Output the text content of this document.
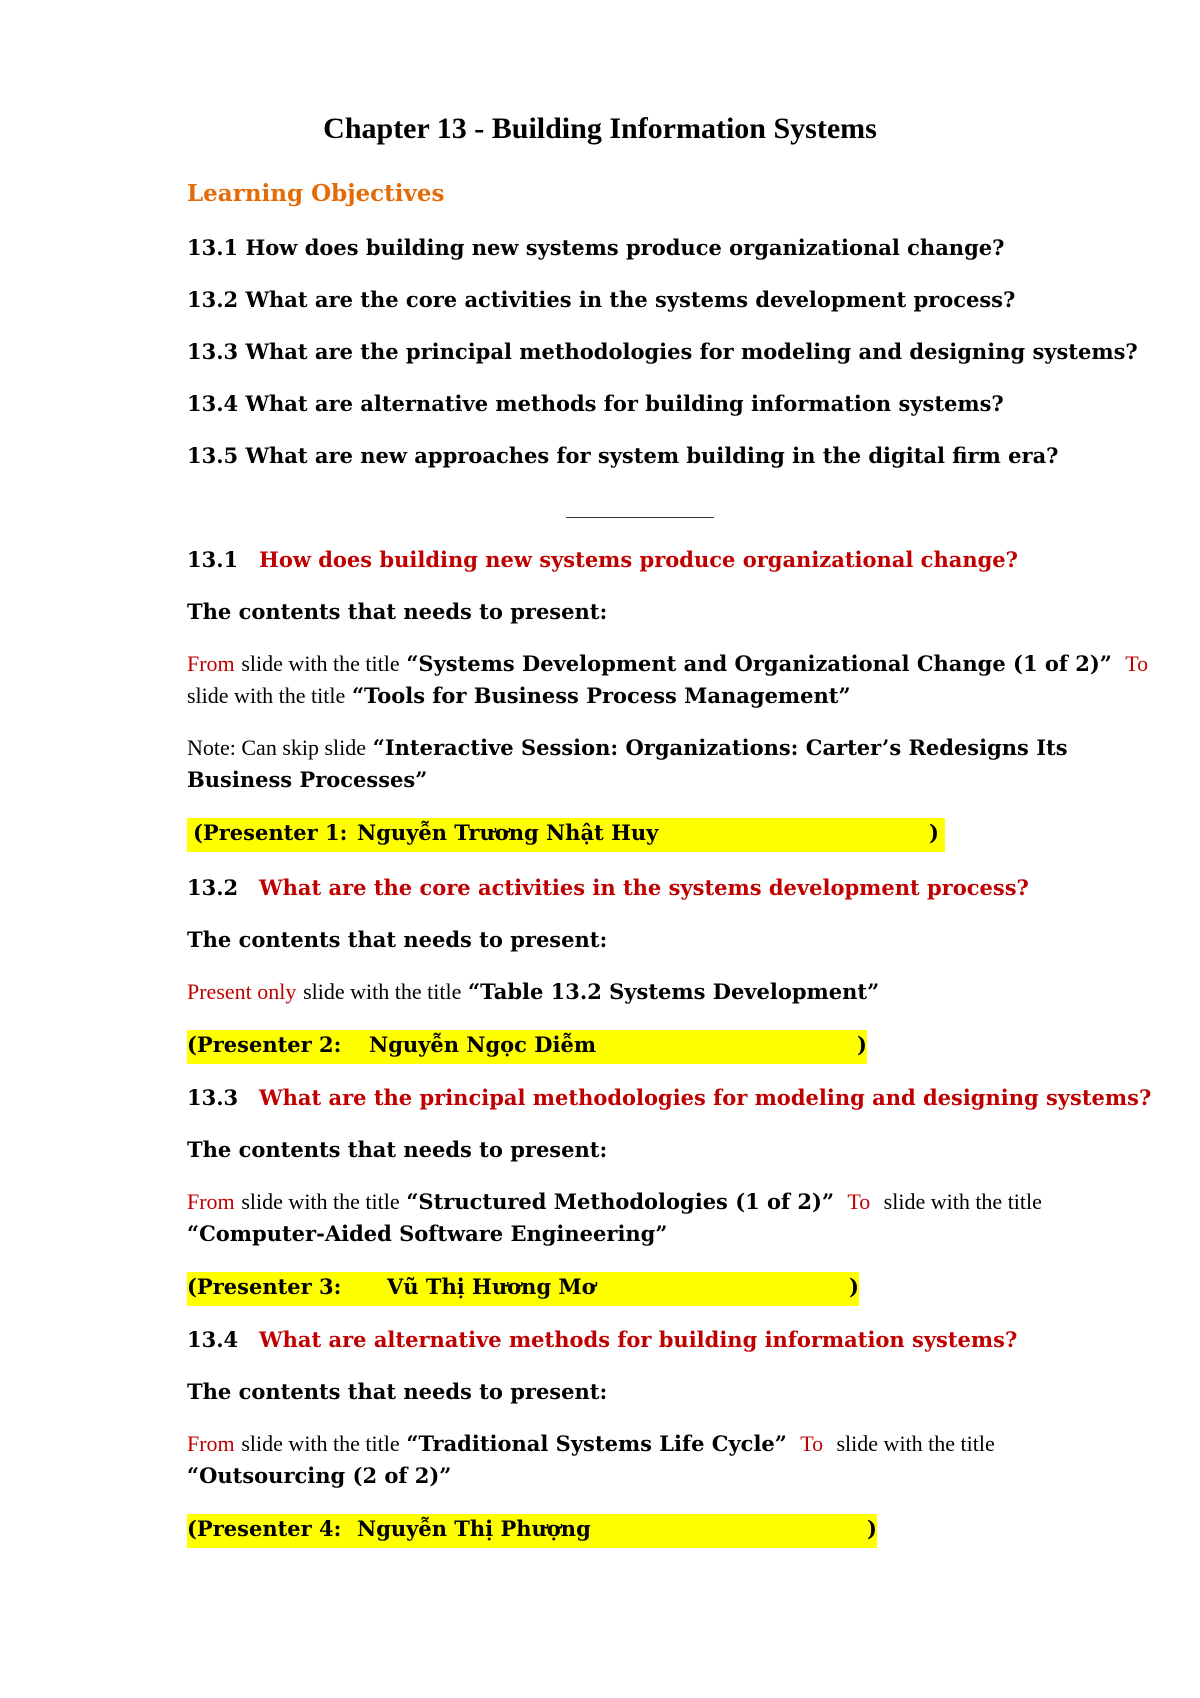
Chapter 13 - Building Information Systems
Learning Objectives
13.1 How does building new systems produce organizational change?
13.2 What are the core activities in the systems development process?
13.3 What are the principal methodologies for modeling and designing systems?
13.4 What are alternative methods for building information systems?
13.5 What are new approaches for system building in the digital firm era?
13.1 How does building new systems produce organizational change?
The contents that needs to present:
From slide with the title “Systems Development and Organizational Change (1 of 2)” To
slide with the title “Tools for Business Process Management”
Note: Can skip slide “Interactive Session: Organizations: Carter’s Redesigns Its
Business Processes”
(Presenter 1: Nguyễn Trương Nhật Huy	)
13.2 What are the core activities in the systems development process?
The contents that needs to present:
Present only slide with the title “Table 13.2 Systems Development”
(Presenter 2: Nguyễn Ngọc Diễm	)
13.3 What are the principal methodologies for modeling and designing systems?
The contents that needs to present:
From slide with the title “Structured Methodologies (1 of 2)” To slide with the title
“Computer-Aided Software Engineering”
(Presenter 3: Vũ Thị Hương Mơ	)
13.4 What are alternative methods for building information systems?
The contents that needs to present:
From slide with the title “Traditional Systems Life Cycle” To slide with the title
“Outsourcing (2 of 2)”
(Presenter 4: Nguyễn Thị Phượng	)
